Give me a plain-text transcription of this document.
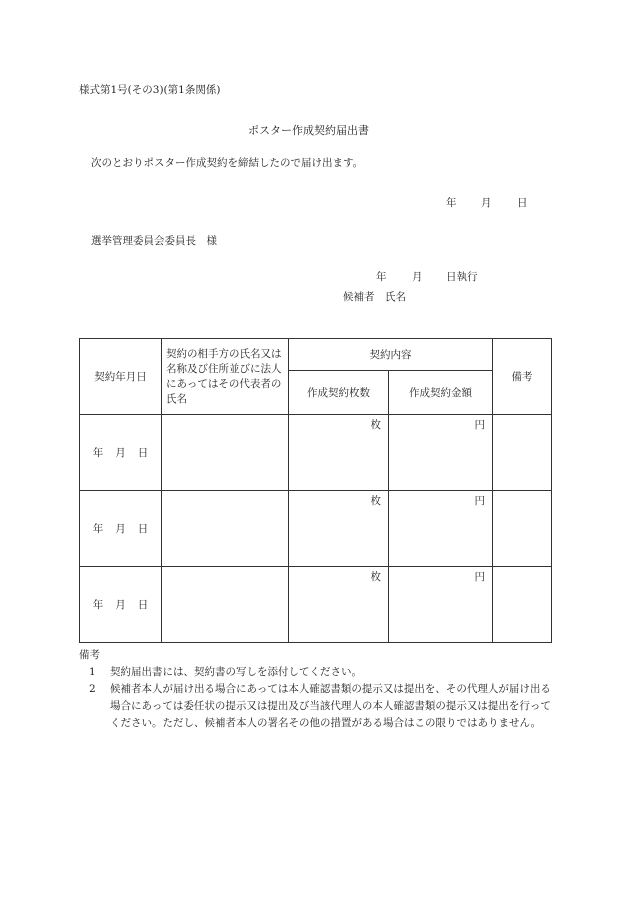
様式第1号(その3)(第1条関係)
ポスター作成契約届出書
次のとおりポスター作成契約を締結したので届け出ます。
年 月 日
選挙管理委員会委員長　様
年 月 日執行
候補者　氏名
契約年月日	契約の相手方の氏名又は名称及び住所並びに法人にあってはその代表者の氏名	契約内容		備考
		作成契約枚数	作成契約金額	
年 月 日		枚	円	

年 月 日		枚	円	

年 月 日		枚	円	

備考
1 契約届出書には、契約書の写しを添付してください。
2 候補者本人が届け出る場合にあっては本人確認書類の提示又は提出を、その代理人が届け出る場合にあっては委任状の提示又は提出及び当該代理人の本人確認書類の提示又は提出を行ってください。ただし、候補者本人の署名その他の措置がある場合はこの限りではありません。
